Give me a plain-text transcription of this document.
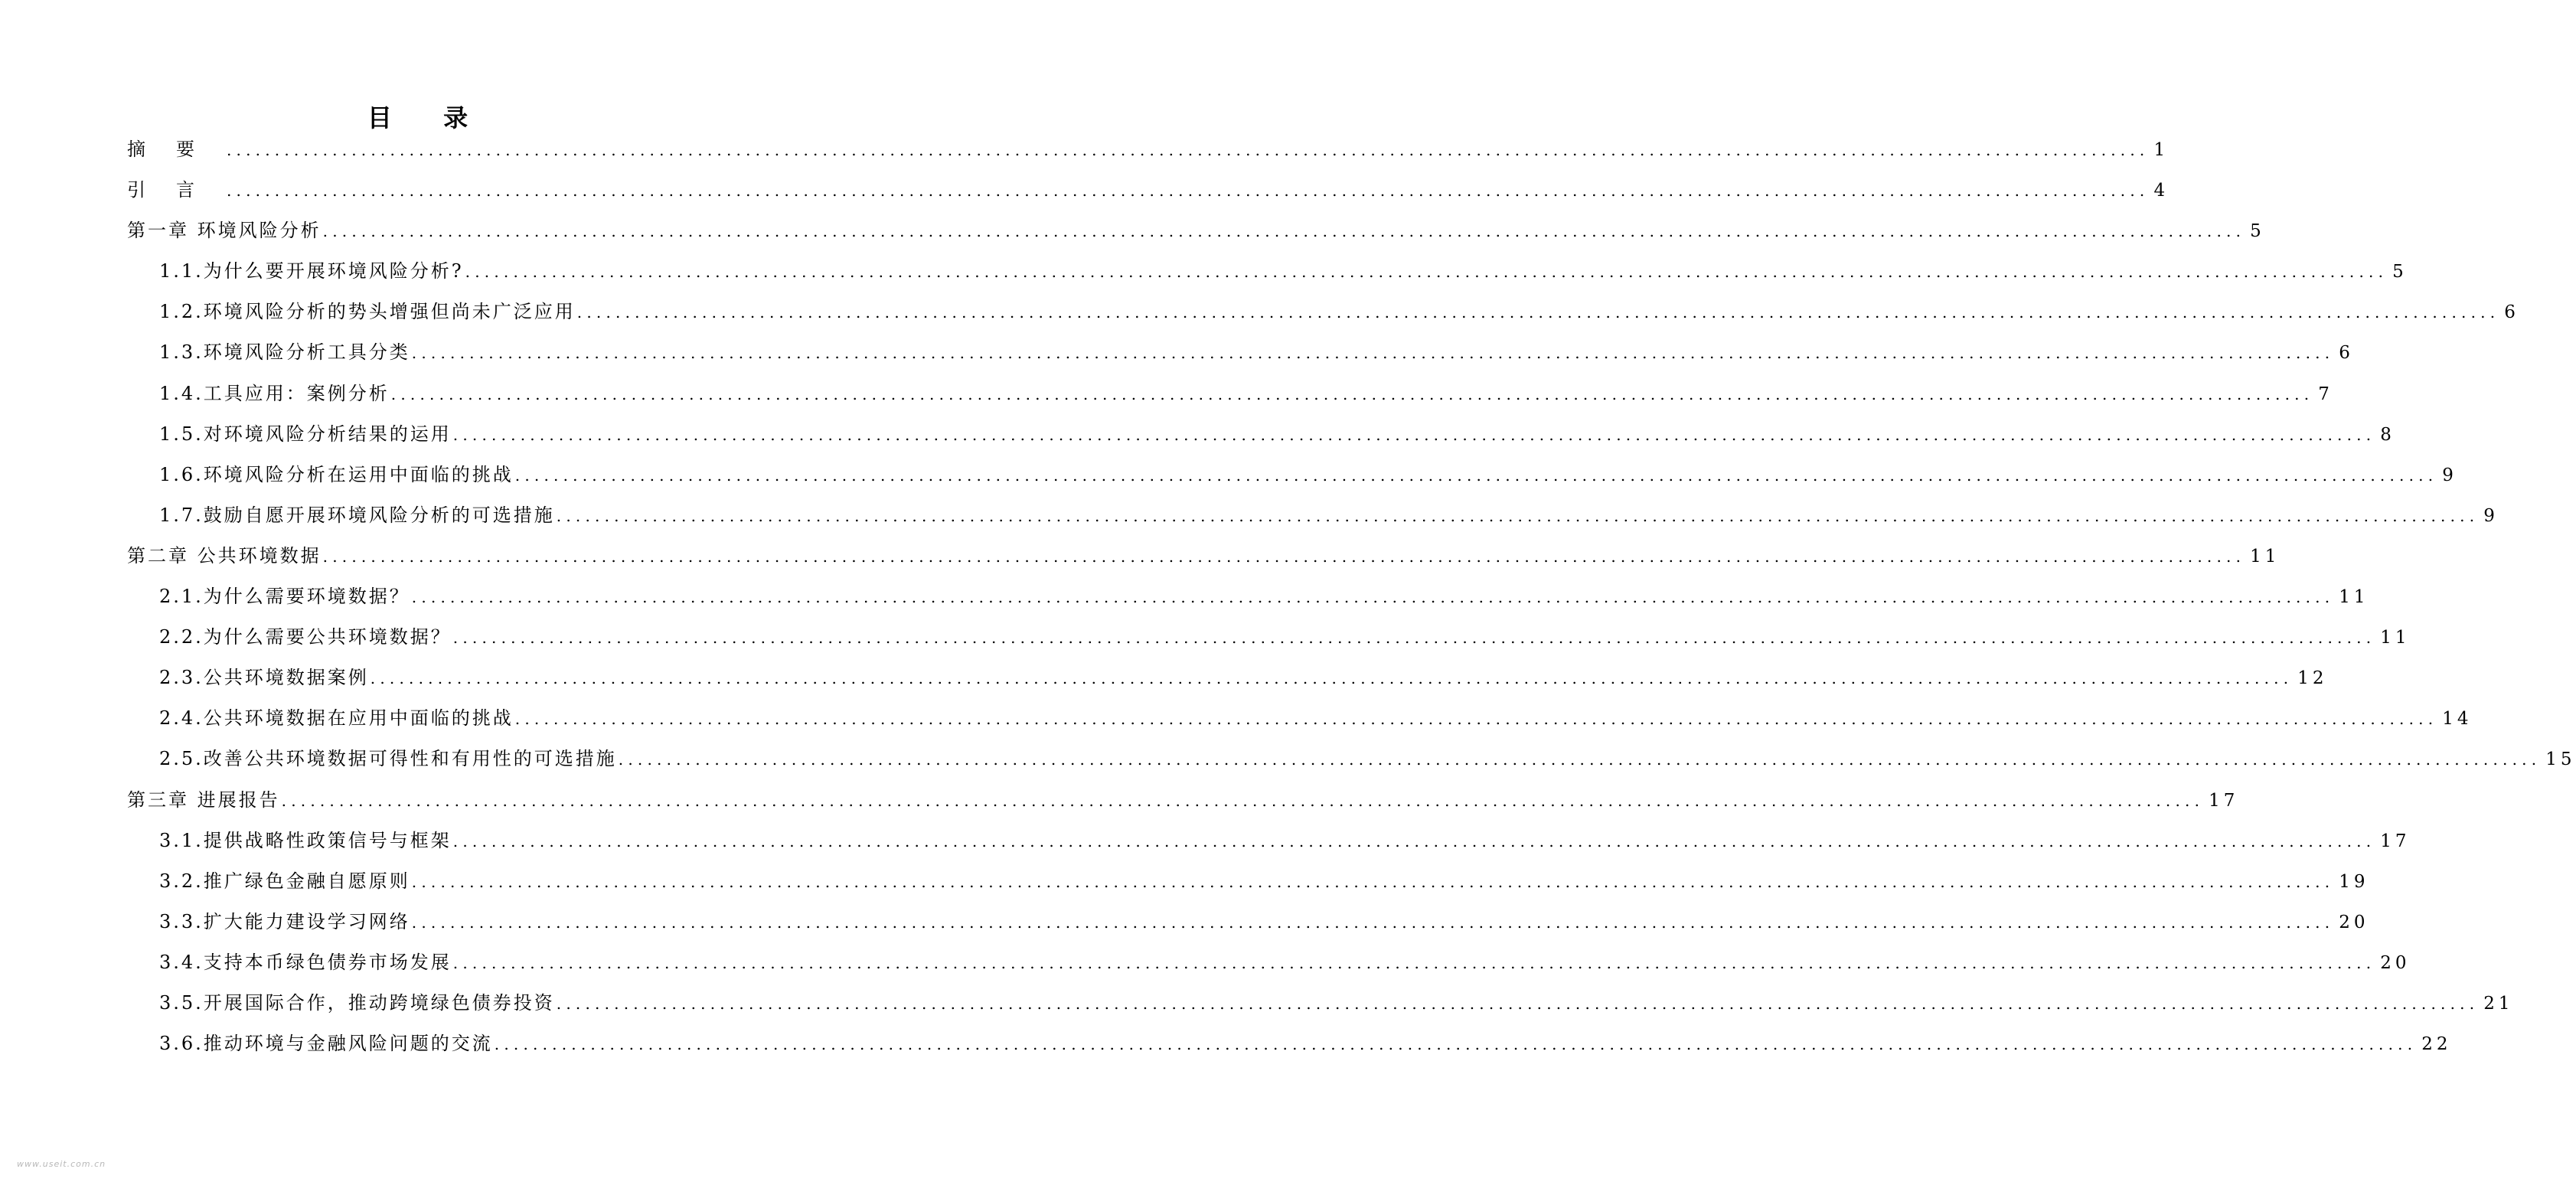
目 录
摘要 ........................................................................................................................................................................................................ 1
引言 ........................................................................................................................................................................................................ 4
第一章 环境风险分析 ........................................................................................................................................................................................................ 5
1.1.为什么要开展环境风险分析? ........................................................................................................................................................................................................ 5
1.2.环境风险分析的势头增强但尚未广泛应用 ........................................................................................................................................................................................................ 6
1.3.环境风险分析工具分类 ........................................................................................................................................................................................................ 6
1.4.工具应用：案例分析 ........................................................................................................................................................................................................ 7
1.5.对环境风险分析结果的运用 ........................................................................................................................................................................................................ 8
1.6.环境风险分析在运用中面临的挑战 ........................................................................................................................................................................................................ 9
1.7.鼓励自愿开展环境风险分析的可选措施 ........................................................................................................................................................................................................ 9
第二章 公共环境数据 ........................................................................................................................................................................................................ 11
2.1.为什么需要环境数据？ ........................................................................................................................................................................................................ 11
2.2.为什么需要公共环境数据？ ........................................................................................................................................................................................................ 11
2.3.公共环境数据案例 ........................................................................................................................................................................................................ 12
2.4.公共环境数据在应用中面临的挑战 ........................................................................................................................................................................................................ 14
2.5.改善公共环境数据可得性和有用性的可选措施 ........................................................................................................................................................................................................ 15
第三章 进展报告 ........................................................................................................................................................................................................ 17
3.1.提供战略性政策信号与框架 ........................................................................................................................................................................................................ 17
3.2.推广绿色金融自愿原则 ........................................................................................................................................................................................................ 19
3.3.扩大能力建设学习网络 ........................................................................................................................................................................................................ 20
3.4.支持本币绿色债券市场发展 ........................................................................................................................................................................................................ 20
3.5.开展国际合作，推动跨境绿色债券投资 ........................................................................................................................................................................................................ 21
3.6.推动环境与金融风险问题的交流 ........................................................................................................................................................................................................ 22
www.useit.com.cn
